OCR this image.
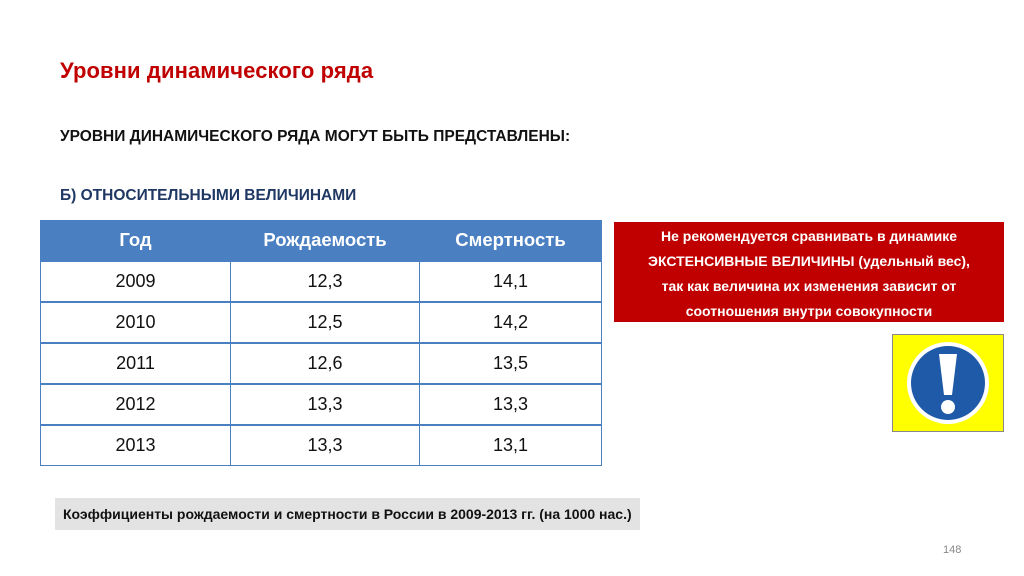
Уровни динамического ряда
УРОВНИ ДИНАМИЧЕСКОГО РЯДА МОГУТ БЫТЬ ПРЕДСТАВЛЕНЫ:
Б) ОТНОСИТЕЛЬНЫМИ ВЕЛИЧИНАМИ
Год	Рождаемость	Смертность
2009	12,3	14,1
2010	12,5	14,2
2011	12,6	13,5
2012	13,3	13,3
2013	13,3	13,1
Не рекомендуется сравнивать в динамике
ЭКСТЕНСИВНЫЕ ВЕЛИЧИНЫ (удельный вес),
так как величина их изменения зависит от
соотношения внутри совокупности
Коэффициенты рождаемости и смертности в России в 2009-2013 гг. (на 1000 нас.)
148
